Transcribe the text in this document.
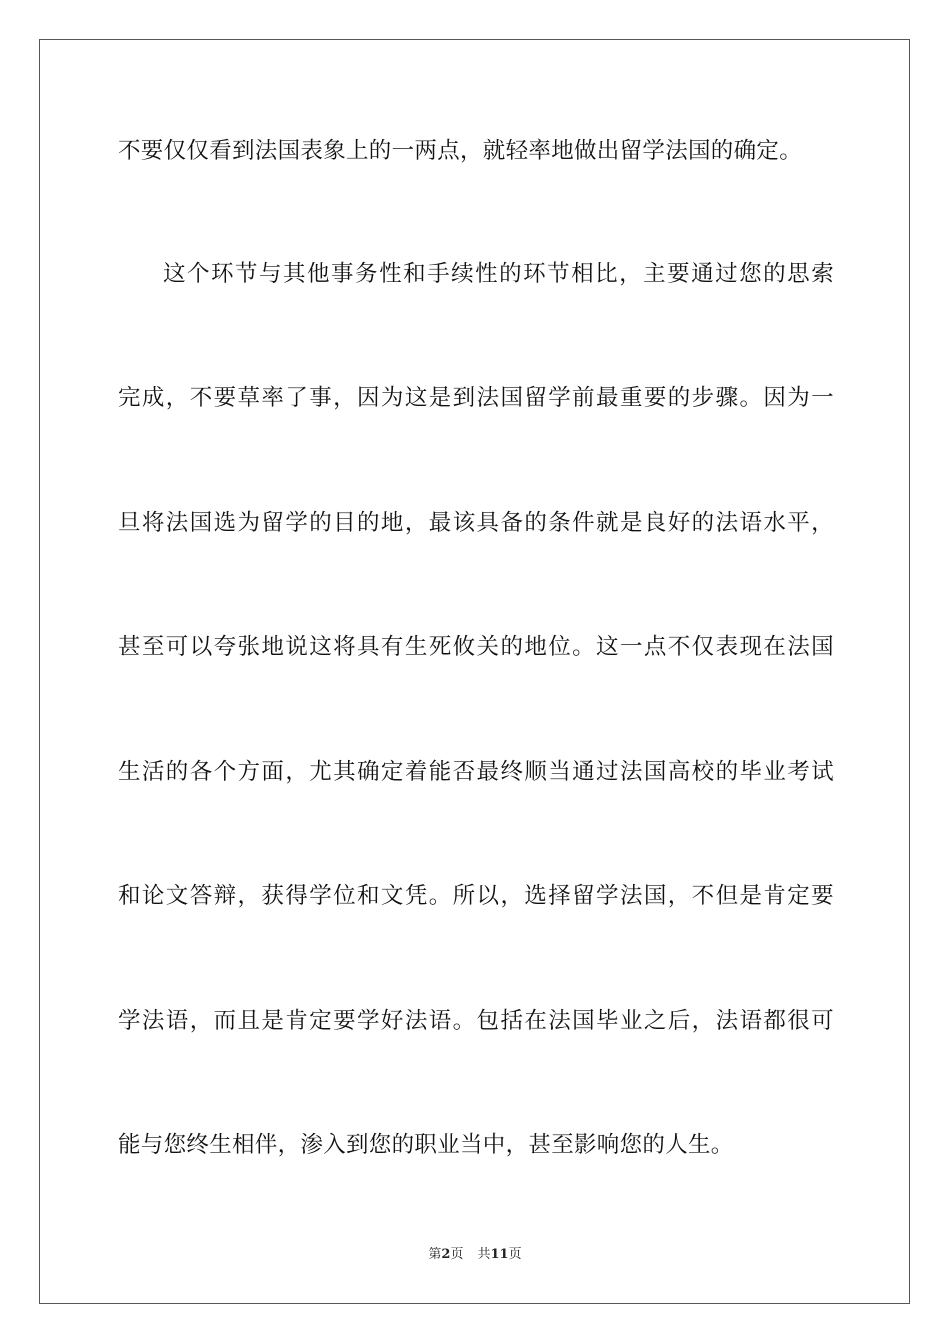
不要仅仅看到法国表象上的一两点，就轻率地做出留学法国的确定。
这个环节与其他事务性和手续性的环节相比，主要通过您的思索
完成，不要草率了事，因为这是到法国留学前最重要的步骤。因为一
旦将法国选为留学的目的地，最该具备的条件就是良好的法语水平，
甚至可以夸张地说这将具有生死攸关的地位。这一点不仅表现在法国
生活的各个方面，尤其确定着能否最终顺当通过法国高校的毕业考试
和论文答辩，获得学位和文凭。所以，选择留学法国，不但是肯定要
学法语，而且是肯定要学好法语。包括在法国毕业之后，法语都很可
能与您终生相伴，渗入到您的职业当中，甚至影响您的人生。
第2页 共11页
